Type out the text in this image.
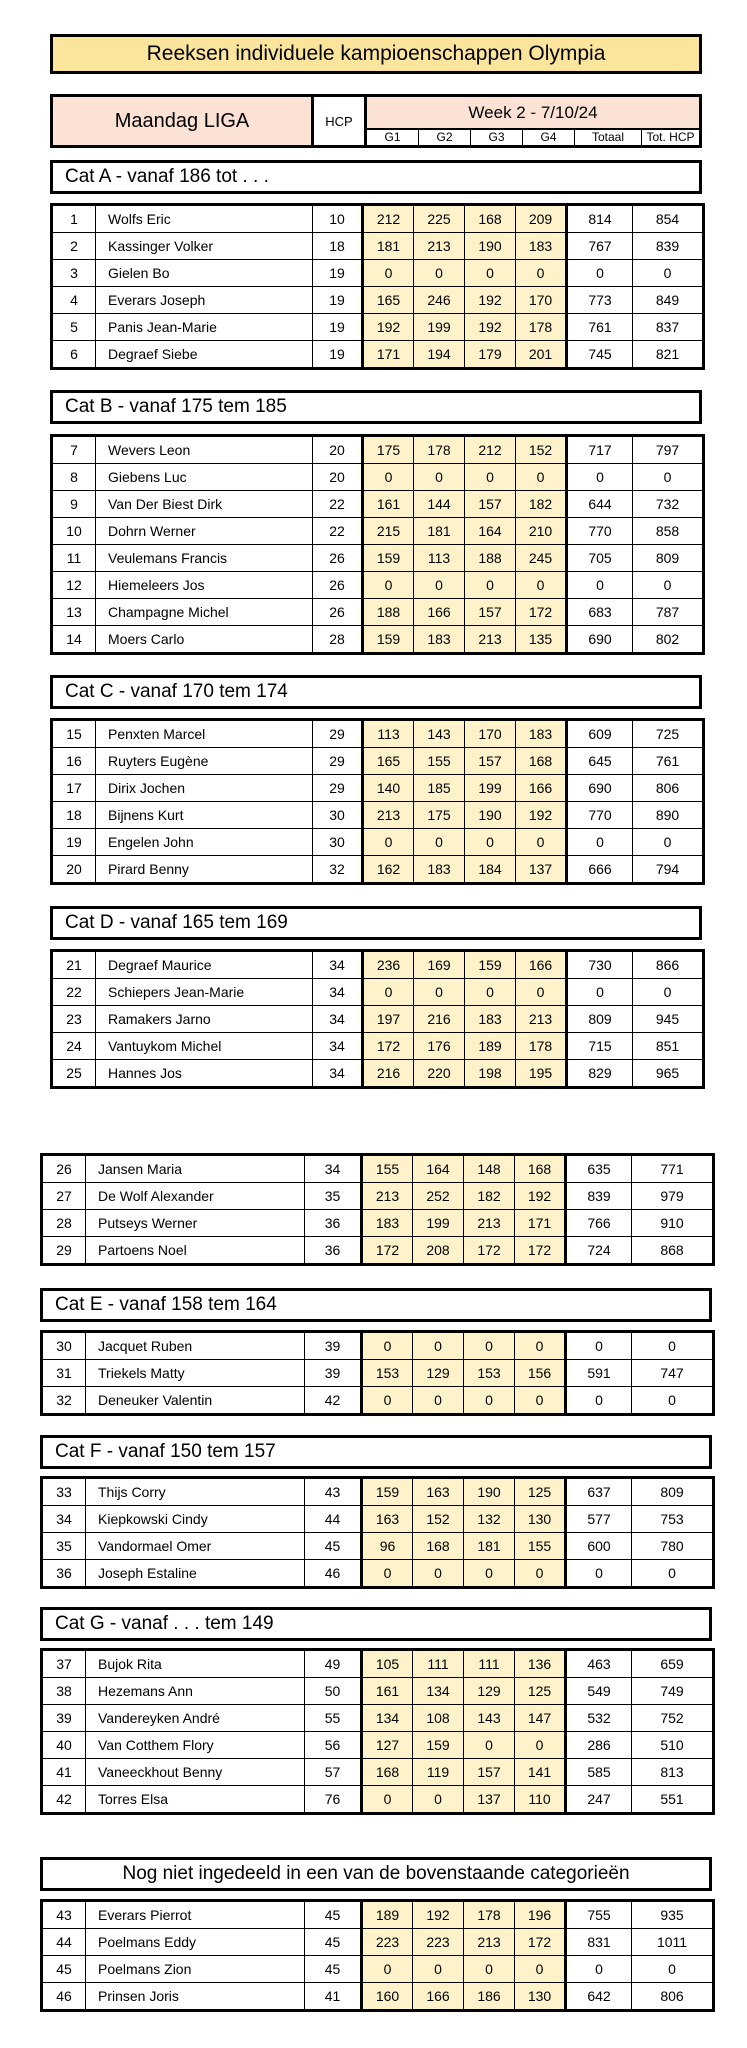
Reeksen individuele kampioenschappen Olympia
Maandag LIGA	HCP	Week 2 - 7/10/24
G1	G2	G3	G4	Totaal	Tot. HCP
Cat A - vanaf 186 tot . . .
1	Wolfs Eric	10	212	225	168	209	814	854
2	Kassinger Volker	18	181	213	190	183	767	839
3	Gielen Bo	19	0	0	0	0	0	0
4	Everars Joseph	19	165	246	192	170	773	849
5	Panis Jean-Marie	19	192	199	192	178	761	837
6	Degraef Siebe	19	171	194	179	201	745	821
Cat B - vanaf 175 tem 185
7	Wevers Leon	20	175	178	212	152	717	797
8	Giebens Luc	20	0	0	0	0	0	0
9	Van Der Biest Dirk	22	161	144	157	182	644	732
10	Dohrn Werner	22	215	181	164	210	770	858
11	Veulemans Francis	26	159	113	188	245	705	809
12	Hiemeleers Jos	26	0	0	0	0	0	0
13	Champagne Michel	26	188	166	157	172	683	787
14	Moers Carlo	28	159	183	213	135	690	802
Cat C - vanaf 170 tem 174
15	Penxten Marcel	29	113	143	170	183	609	725
16	Ruyters Eugène	29	165	155	157	168	645	761
17	Dirix Jochen	29	140	185	199	166	690	806
18	Bijnens Kurt	30	213	175	190	192	770	890
19	Engelen John	30	0	0	0	0	0	0
20	Pirard Benny	32	162	183	184	137	666	794
Cat D - vanaf 165 tem 169
21	Degraef Maurice	34	236	169	159	166	730	866
22	Schiepers Jean-Marie	34	0	0	0	0	0	0
23	Ramakers Jarno	34	197	216	183	213	809	945
24	Vantuykom Michel	34	172	176	189	178	715	851
25	Hannes Jos	34	216	220	198	195	829	965
26	Jansen Maria	34	155	164	148	168	635	771
27	De Wolf Alexander	35	213	252	182	192	839	979
28	Putseys Werner	36	183	199	213	171	766	910
29	Partoens Noel	36	172	208	172	172	724	868
Cat E - vanaf 158 tem 164
30	Jacquet Ruben	39	0	0	0	0	0	0
31	Triekels Matty	39	153	129	153	156	591	747
32	Deneuker Valentin	42	0	0	0	0	0	0
Cat F - vanaf 150 tem 157
33	Thijs Corry	43	159	163	190	125	637	809
34	Kiepkowski Cindy	44	163	152	132	130	577	753
35	Vandormael Omer	45	96	168	181	155	600	780
36	Joseph Estaline	46	0	0	0	0	0	0
Cat G - vanaf . . . tem 149
37	Bujok Rita	49	105	111	111	136	463	659
38	Hezemans Ann	50	161	134	129	125	549	749
39	Vandereyken André	55	134	108	143	147	532	752
40	Van Cotthem Flory	56	127	159	0	0	286	510
41	Vaneeckhout Benny	57	168	119	157	141	585	813
42	Torres Elsa	76	0	0	137	110	247	551
Nog niet ingedeeld in een van de bovenstaande categorieën
43	Everars Pierrot	45	189	192	178	196	755	935
44	Poelmans Eddy	45	223	223	213	172	831	1011
45	Poelmans Zion	45	0	0	0	0	0	0
46	Prinsen Joris	41	160	166	186	130	642	806
